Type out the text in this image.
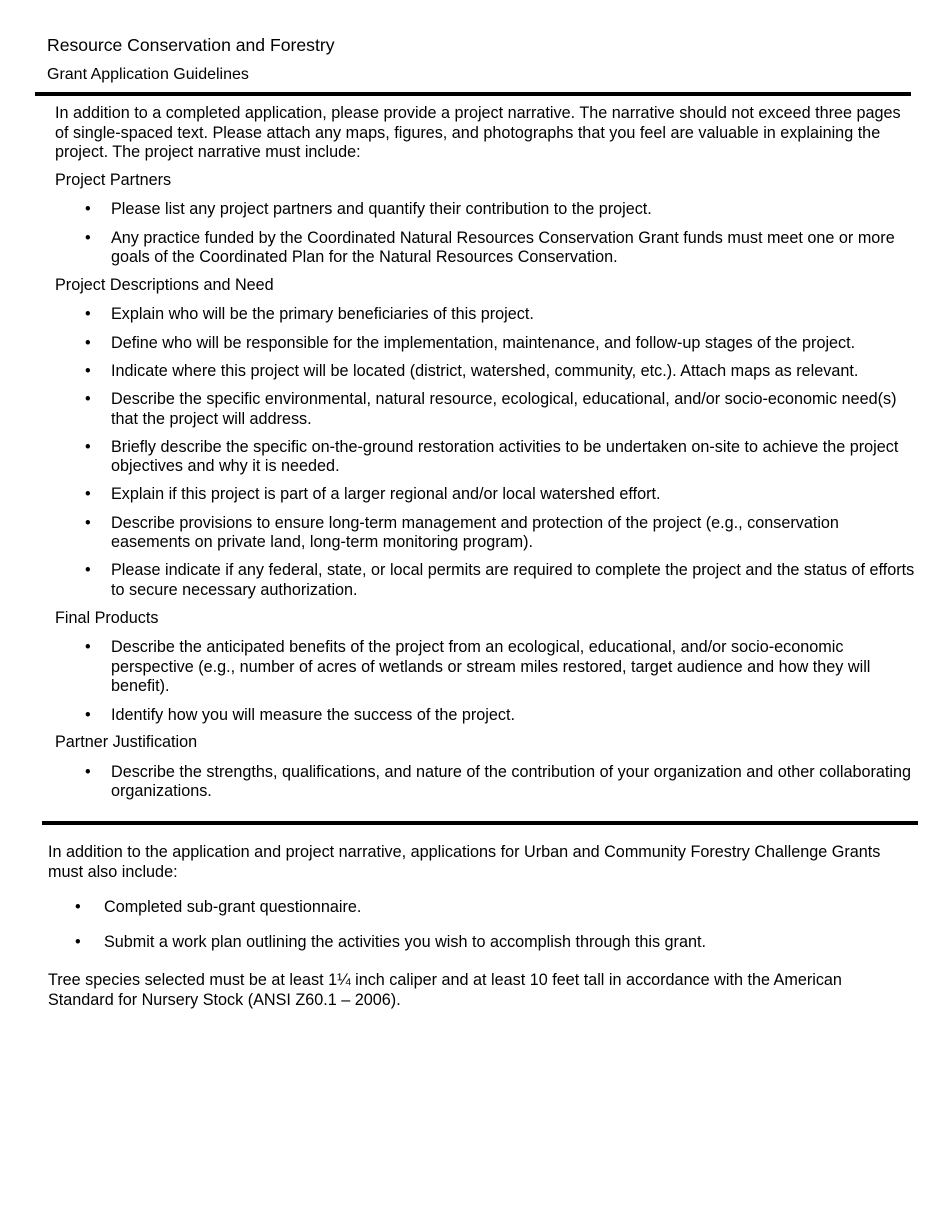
Resource Conservation and Forestry
Grant Application Guidelines

In addition to a completed application, please provide a project narrative. The narrative should not exceed three pages of single-spaced text. Please attach any maps, figures, and photographs that you feel are valuable in explaining the project. The project narrative must include:

Project Partners

• Please list any project partners and quantify their contribution to the project.
• Any practice funded by the Coordinated Natural Resources Conservation Grant funds must meet one or more goals of the Coordinated Plan for the Natural Resources Conservation.

Project Descriptions and Need

• Explain who will be the primary beneficiaries of this project.
• Define who will be responsible for the implementation, maintenance, and follow-up stages of the project.
• Indicate where this project will be located (district, watershed, community, etc.). Attach maps as relevant.
• Describe the specific environmental, natural resource, ecological, educational, and/or socio-economic need(s) that the project will address.
• Briefly describe the specific on-the-ground restoration activities to be undertaken on-site to achieve the project objectives and why it is needed.
• Explain if this project is part of a larger regional and/or local watershed effort.
• Describe provisions to ensure long-term management and protection of the project (e.g., conservation easements on private land, long-term monitoring program).
• Please indicate if any federal, state, or local permits are required to complete the project and the status of efforts to secure necessary authorization.

Final Products

• Describe the anticipated benefits of the project from an ecological, educational, and/or socio-economic perspective (e.g., number of acres of wetlands or stream miles restored, target audience and how they will benefit).
• Identify how you will measure the success of the project.

Partner Justification

• Describe the strengths, qualifications, and nature of the contribution of your organization and other collaborating organizations.

In addition to the application and project narrative, applications for Urban and Community Forestry Challenge Grants must also include:

• Completed sub-grant questionnaire.
• Submit a work plan outlining the activities you wish to accomplish through this grant.

Tree species selected must be at least 1¼ inch caliper and at least 10 feet tall in accordance with the American Standard for Nursery Stock (ANSI Z60.1 – 2006).
